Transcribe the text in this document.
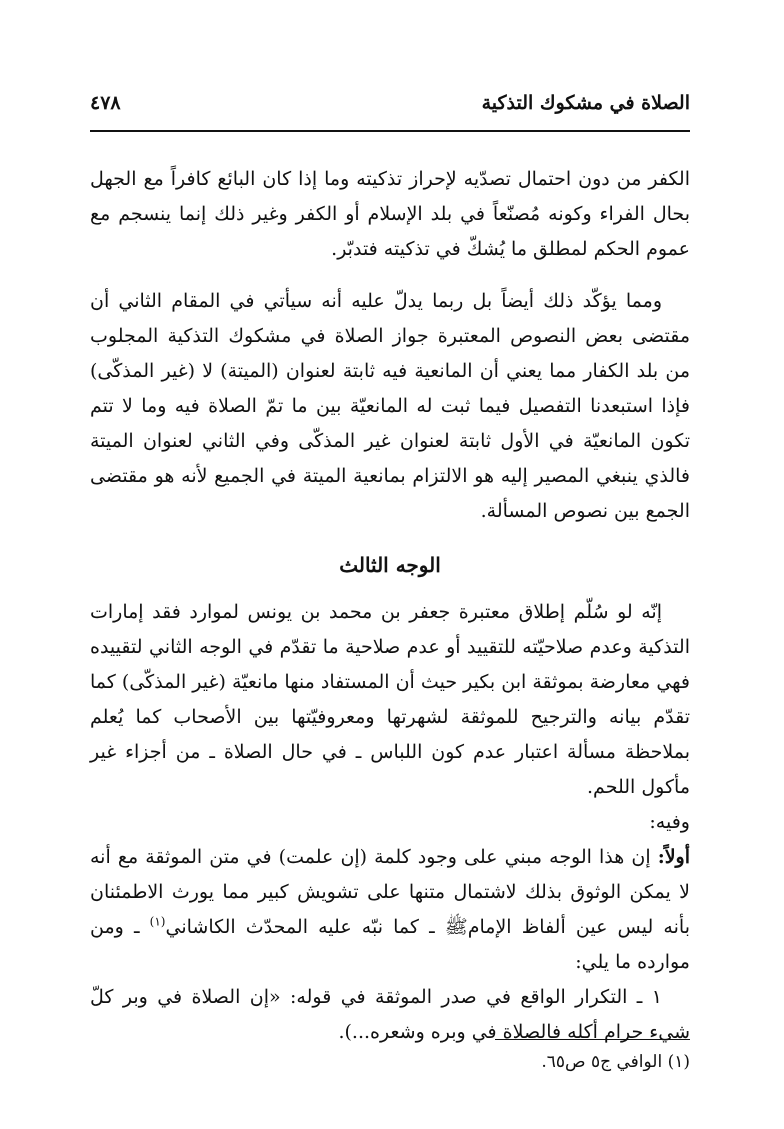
الصلاة في مشكوك التذكية
٤٧٨

الكفر من دون احتمال تصدّيه لإحراز تذكيته وما إذا كان البائع كافراً مع الجهل بحال الفراء وكونه مُصنّعاً في بلد الإسلام أو الكفر وغير ذلك إنما ينسجم مع عموم الحكم لمطلق ما يُشكّ في تذكيته فتدبّر.

ومما يؤكّد ذلك أيضاً بل ربما يدلّ عليه أنه سيأتي في المقام الثاني أن مقتضى بعض النصوص المعتبرة جواز الصلاة في مشكوك التذكية المجلوب من بلد الكفار مما يعني أن المانعية فيه ثابتة لعنوان (الميتة) لا (غير المذكّى) فإذا استبعدنا التفصيل فيما ثبت له المانعيّة بين ما تمّ الصلاة فيه وما لا تتم تكون المانعيّة في الأول ثابتة لعنوان غير المذكّى وفي الثاني لعنوان الميتة فالذي ينبغي المصير إليه هو الالتزام بمانعية الميتة في الجميع لأنه هو مقتضى الجمع بين نصوص المسألة.

الوجه الثالث

إنّه لو سُلّم إطلاق معتبرة جعفر بن محمد بن يونس لموارد فقد إمارات التذكية وعدم صلاحيّته للتقييد أو عدم صلاحية ما تقدّم في الوجه الثاني لتقييده فهي معارضة بموثقة ابن بكير حيث أن المستفاد منها مانعيّة (غير المذكّى) كما تقدّم بيانه والترجيح للموثقة لشهرتها ومعروفيّتها بين الأصحاب كما يُعلم بملاحظة مسألة اعتبار عدم كون اللباس ـ في حال الصلاة ـ من أجزاء غير مأكول اللحم.

وفيه:

أولاً: إن هذا الوجه مبني على وجود كلمة (إن علمت) في متن الموثقة مع أنه لا يمكن الوثوق بذلك لاشتمال متنها على تشويش كبير مما يورث الاطمئنان بأنه ليس عين ألفاظ الإمامﷺ ـ كما نبّه عليه المحدّث الكاشاني$^{(١)}$ ـ ومن موارده ما يلي:

١ ـ التكرار الواقع في صدر الموثقة في قوله: «إن الصلاة في وبر كلّ شيء حرام أكله فالصلاة في وبره وشعره...).

(١) الوافي ج٥ ص٦٥.
